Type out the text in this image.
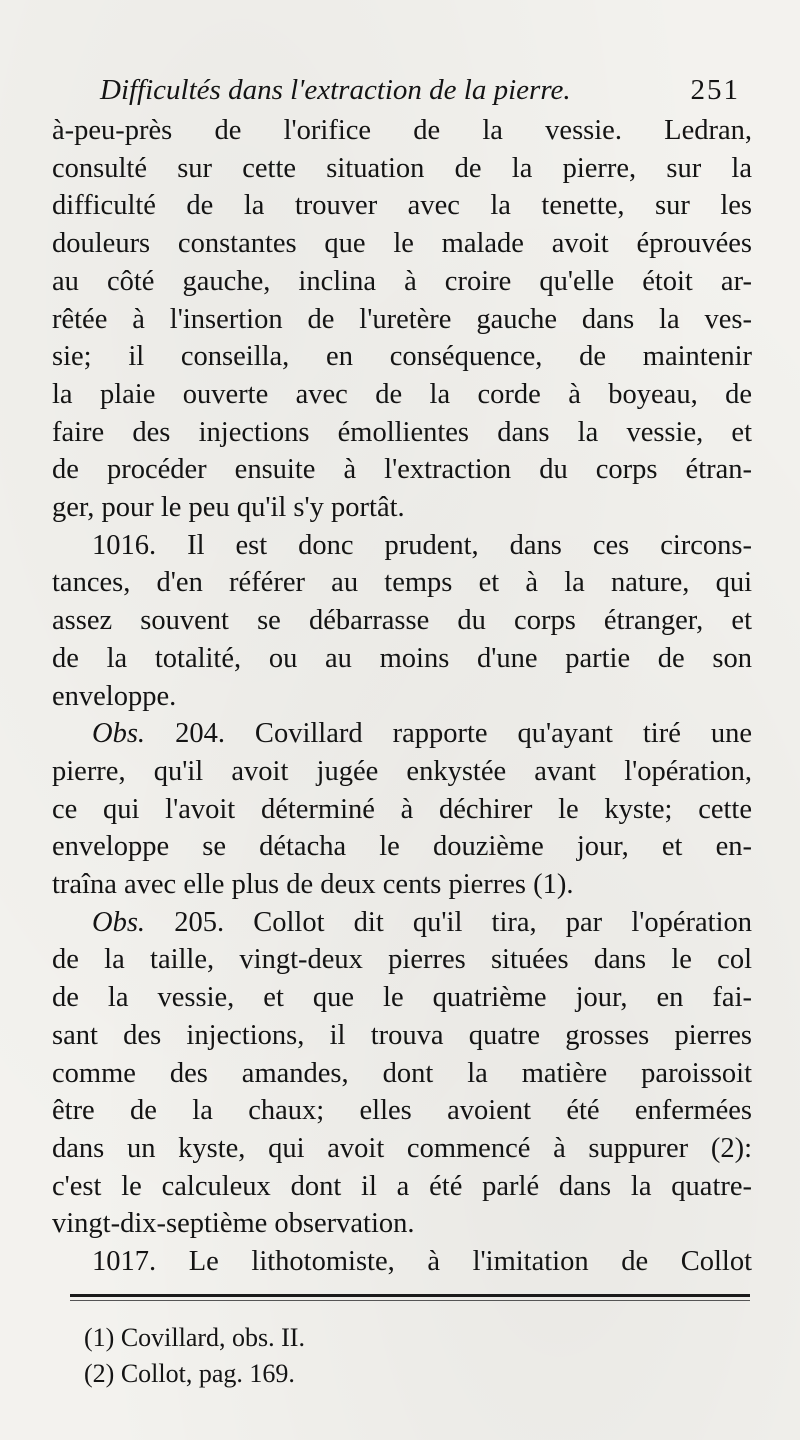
Difficultés dans l'extraction de la pierre.	251
à-peu-près de l'orifice de la vessie. Ledran,
consulté sur cette situation de la pierre, sur la
difficulté de la trouver avec la tenette, sur les
douleurs constantes que le malade avoit éprouvées
au côté gauche, inclina à croire qu'elle étoit ar-
rêtée à l'insertion de l'uretère gauche dans la ves-
sie; il conseilla, en conséquence, de maintenir
la plaie ouverte avec de la corde à boyeau, de
faire des injections émollientes dans la vessie, et
de procéder ensuite à l'extraction du corps étran-
ger, pour le peu qu'il s'y portât.
1016. Il est donc prudent, dans ces circons-
tances, d'en référer au temps et à la nature, qui
assez souvent se débarrasse du corps étranger, et
de la totalité, ou au moins d'une partie de son
enveloppe.
Obs. 204. Covillard rapporte qu'ayant tiré une
pierre, qu'il avoit jugée enkystée avant l'opération,
ce qui l'avoit déterminé à déchirer le kyste; cette
enveloppe se détacha le douzième jour, et en-
traîna avec elle plus de deux cents pierres (1).
Obs. 205. Collot dit qu'il tira, par l'opération
de la taille, vingt-deux pierres situées dans le col
de la vessie, et que le quatrième jour, en fai-
sant des injections, il trouva quatre grosses pierres
comme des amandes, dont la matière paroissoit
être de la chaux; elles avoient été enfermées
dans un kyste, qui avoit commencé à suppurer (2):
c'est le calculeux dont il a été parlé dans la quatre-
vingt-dix-septième observation.
1017. Le lithotomiste, à l'imitation de Collot
(1) Covillard, obs. II.
(2) Collot, pag. 169.
